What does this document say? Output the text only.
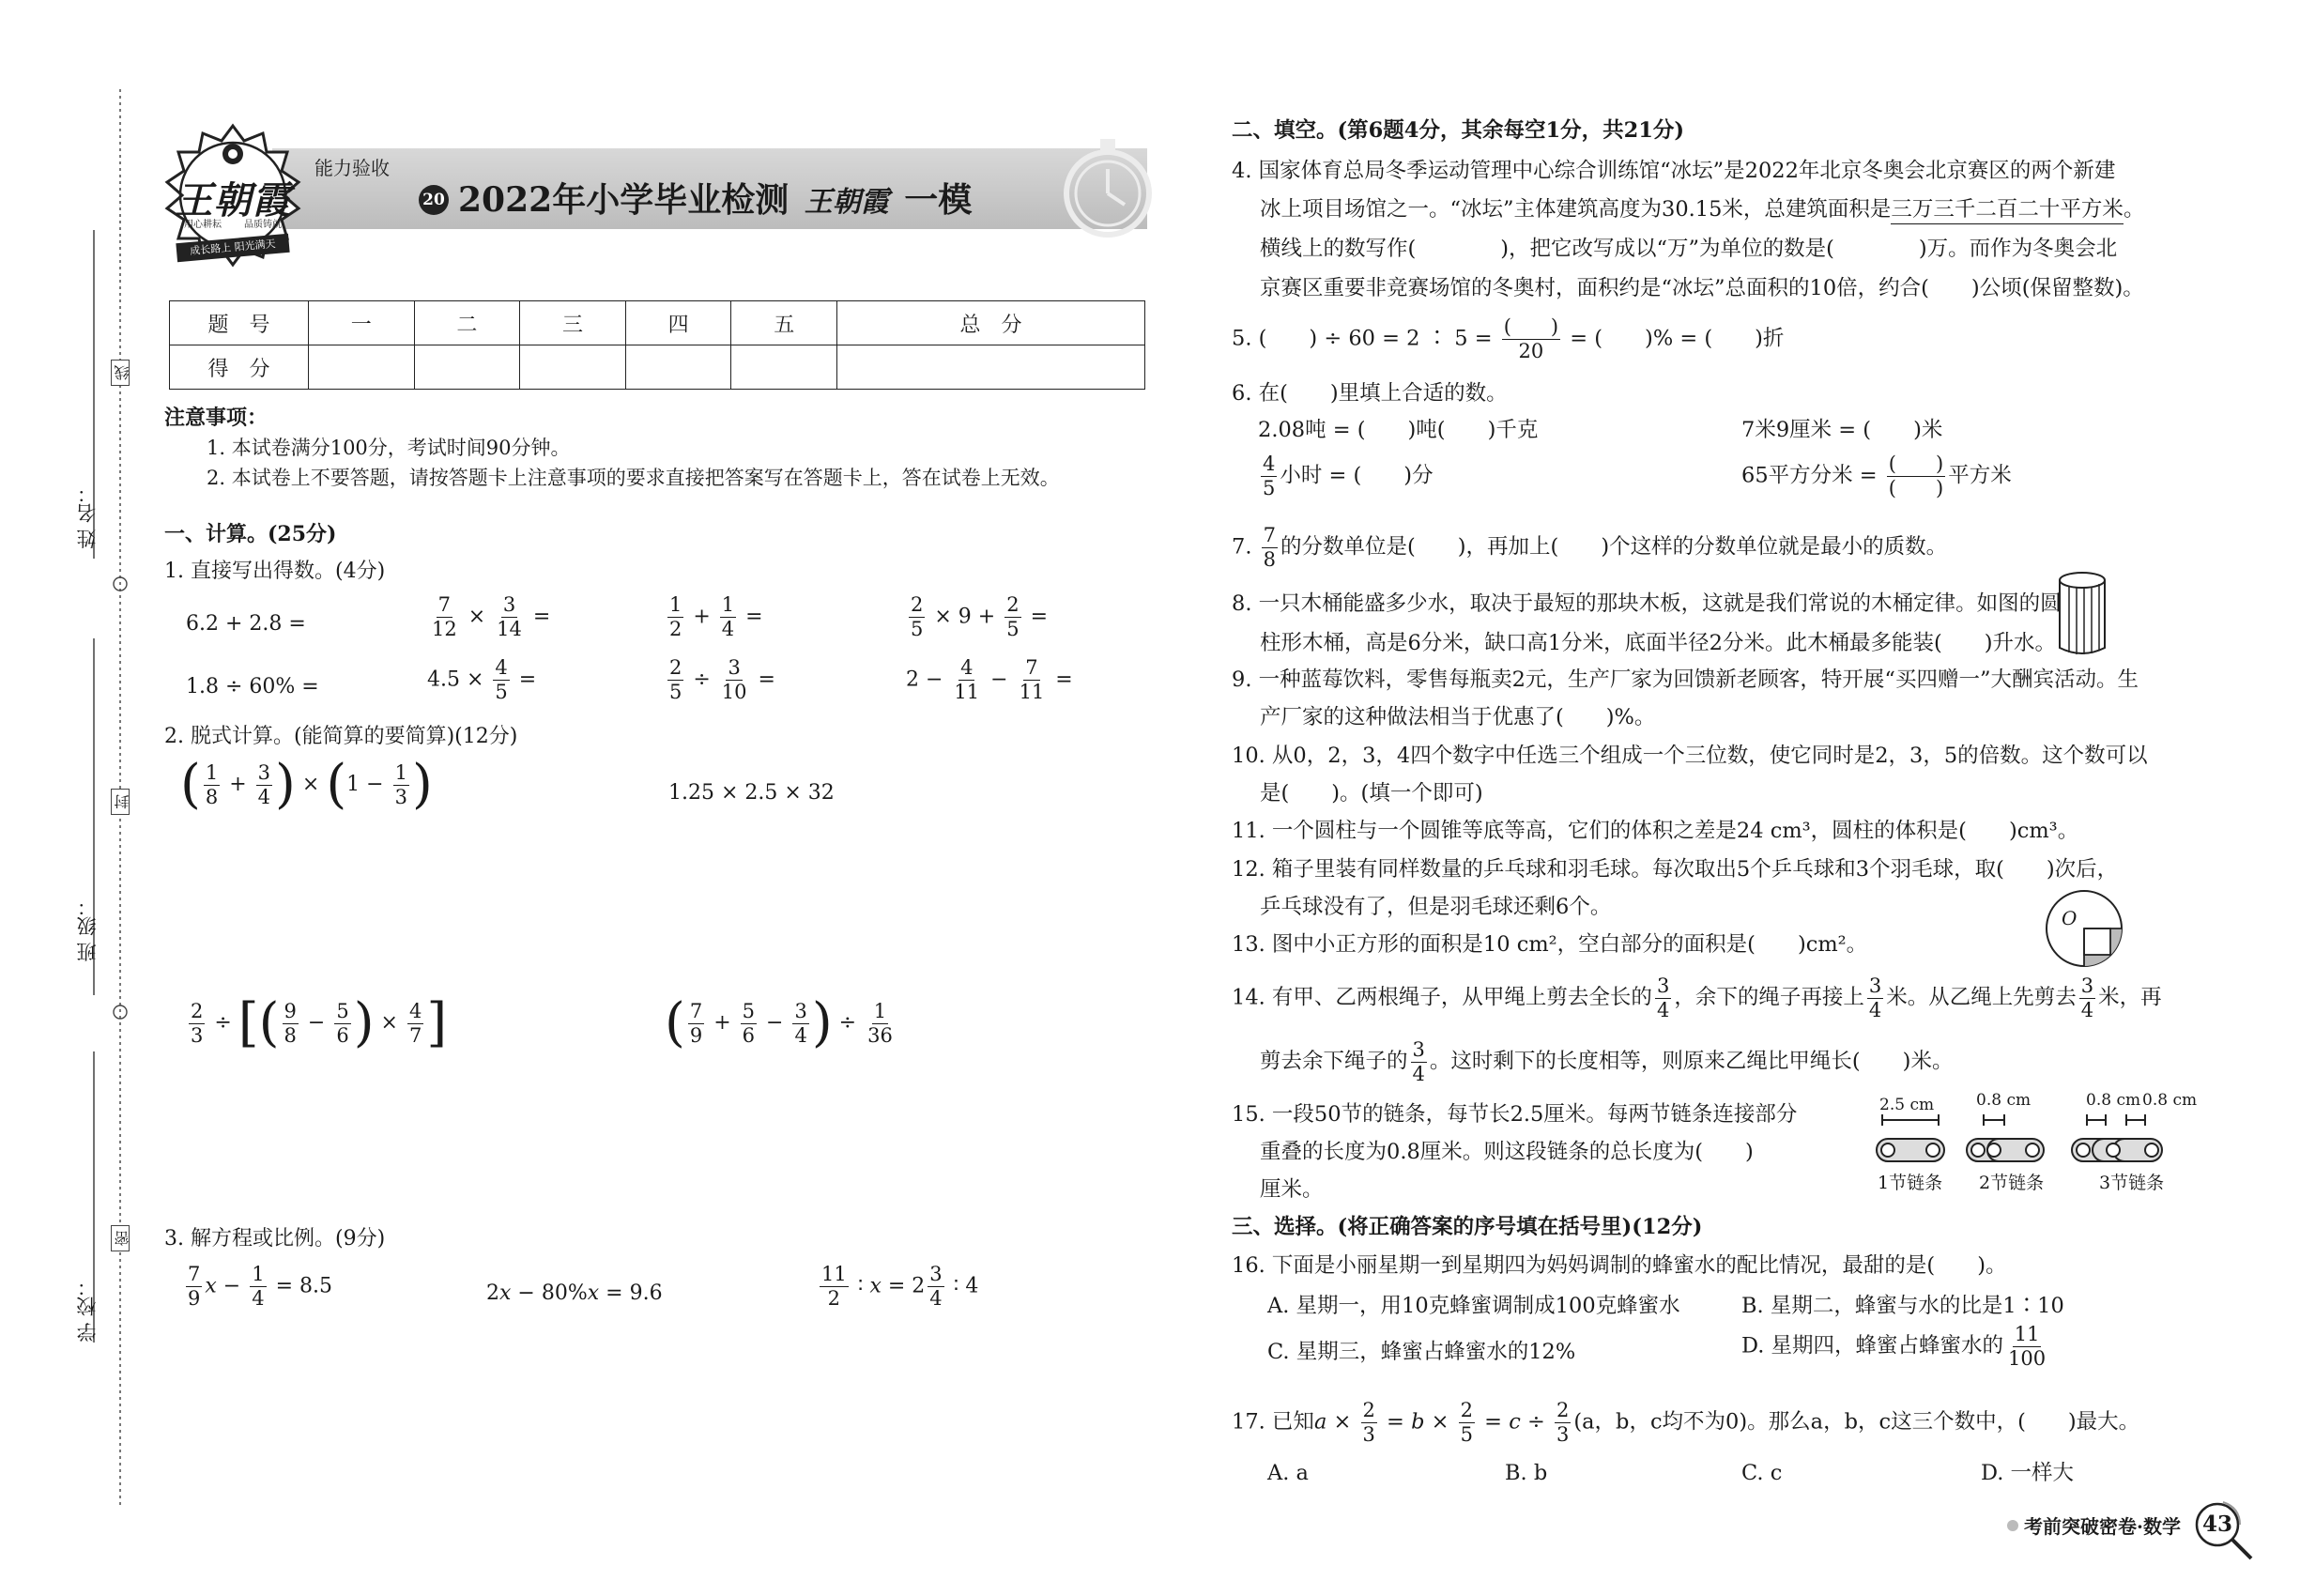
姓 名：
班 级：
学 校：
线
封
密
能力验收
20 2022年小学毕业检测 王朝霞 一模
王朝霞
用心耕耘 品质铸就
成长路上 阳光满天
题　号	一	二	三	四	五	总　分
得　分						
注意事项：
1. 本试卷满分100分，考试时间90分钟。
2. 本试卷上不要答题，请按答题卡上注意事项的要求直接把答案写在答题卡上，答在试卷上无效。
一、计算。(25分)
1. 直接写出得数。(4分)
6.2 + 2.8 =	$\frac{7}{12} \times \frac{3}{14}$ =	$\frac{1}{2} + \frac{1}{4}$ =	$\frac{2}{5} \times 9 + \frac{2}{5}$ =
1.8 ÷ 60% =	$4.5 \times \frac{4}{5}$ =	$\frac{2}{5} \div \frac{3}{10}$ =	$2 - \frac{4}{11} - \frac{7}{11}$ =
2. 脱式计算。(能简算的要简算)(12分)
( $\frac{1}{8} + \frac{3}{4}$ ) × ($1 - \frac{1}{3}$ )	1.25 × 2.5 × 32
$\frac{2}{3}$ ÷ [( $\frac{9}{8} - \frac{5}{6}$ ) × $\frac{4}{7}$ ]	( $\frac{7}{9} + \frac{5}{6} - \frac{3}{4}$ ) ÷ $\frac{1}{36}$
3. 解方程或比例。(9分)
$\frac{7}{9}$ $x - \frac{1}{4} = 8.5$	2x − 80%x = 9.6	$\frac{11}{2}$ ∶ $x = 2 \frac{3}{4}$ ∶ 4
二、填空。(第6题4分，其余每空1分，共21分)
4. 国家体育总局冬季运动管理中心综合训练馆“冰坛”是2022年北京冬奥会北京赛区的两个新建
冰上项目场馆之一。“冰坛”主体建筑高度为30.15米，总建筑面积是三万三千二百二十平方米。
横线上的数写作(　　　　)，把它改写成以“万”为单位的数是(　　　　)万。而作为冬奥会北
京赛区重要非竞赛场馆的冬奥村，面积约是“冰坛”总面积的10倍，约合(　　)公顷(保留整数)。
5. (　　) ÷ 60 = 2 ∶ $5 = \frac{( )}{20}$ = (　　)% = (　　)折
6. 在(　　)里填上合适的数。
2.08吨 = (　　)吨(　　)千克	7米9厘米 = (　　)米
$\frac{4}{5}$ 小时 = (　　)分	65平方分米 = $\frac{( )}{( )}$ 平方米
7. $\frac{7}{8}$ 的分数单位是(　　)，再加上(　　)个这样的分数单位就是最小的质数。
8. 一只木桶能盛多少水，取决于最短的那块木板，这就是我们常说的木桶定律。如图的圆
柱形木桶，高是6分米，缺口高1分米，底面半径2分米。此木桶最多能装(　　)升水。
9. 一种蓝莓饮料，零售每瓶卖2元，生产厂家为回馈新老顾客，特开展“买四赠一”大酬宾活动。生
产厂家的这种做法相当于优惠了(　　)%。
10. 从0，2，3，4四个数字中任选三个组成一个三位数，使它同时是2，3，5的倍数。这个数可以
是(　　)。(填一个即可)
11. 一个圆柱与一个圆锥等底等高，它们的体积之差是24 cm³，圆柱的体积是(　　)cm³。
12. 箱子里装有同样数量的乒乓球和羽毛球。每次取出5个乒乓球和3个羽毛球，取(　　)次后，
乒乓球没有了，但是羽毛球还剩6个。
13. 图中小正方形的面积是10 cm²，空白部分的面积是(　　)cm²。
O
14. 有甲、乙两根绳子，从甲绳上剪去全长的 $\frac{3}{4}$ ，余下的绳子再接上 $\frac{3}{4}$ 米。从乙绳上先剪去 $\frac{3}{4}$ 米，再
剪去余下绳子的 $\frac{3}{4}$ 。这时剩下的长度相等，则原来乙绳比甲绳长(　　)米。
15. 一段50节的链条，每节长2.5厘米。每两节链条连接部分
重叠的长度为0.8厘米。则这段链条的总长度为(　　)
厘米。
2.5 cm	0.8 cm	0.8 cm 0.8 cm
1节链条 2节链条	3节链条
三、选择。(将正确答案的序号填在括号里)(12分)
16. 下面是小丽星期一到星期四为妈妈调制的蜂蜜水的配比情况，最甜的是(　　)。
A. 星期一，用10克蜂蜜调制成100克蜂蜜水	B. 星期二，蜂蜜与水的比是1∶10
C. 星期三，蜂蜜占蜂蜜水的12%	D. 星期四，蜂蜜占蜂蜜水的 $\frac{11}{100}$
17. 已知$a \times \frac{2}{3} = b \times \frac{2}{5} = c \div \frac{2}{3} (a$，b，c均不为0)。那么a，b，c这三个数中，(　　)最大。
A. a	B. b	C. c	D. 一样大
考前突破密卷·数学 43
